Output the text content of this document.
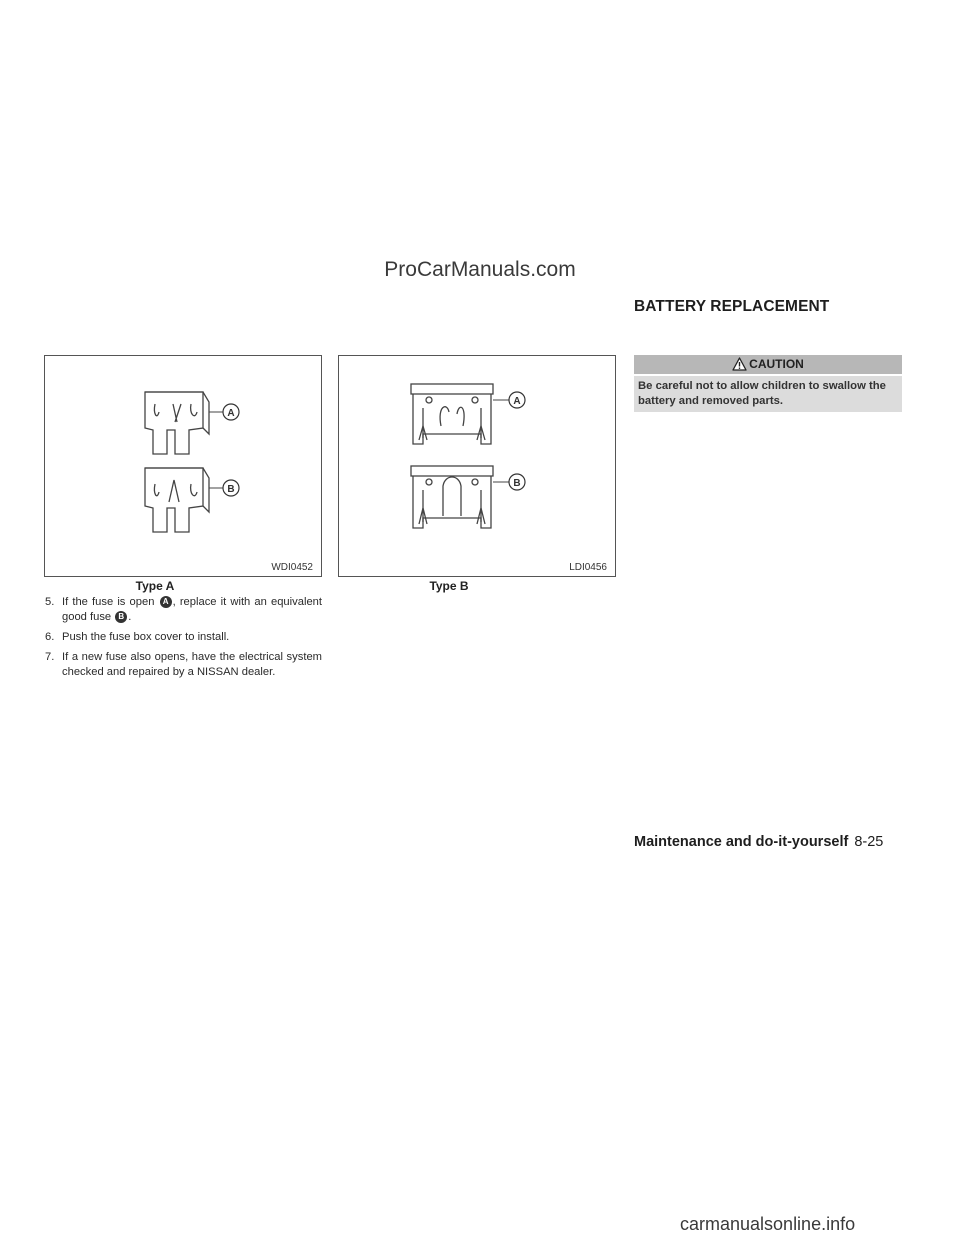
ProCarManuals.com
BATTERY REPLACEMENT
A
B
WDI0452
Type A
A
B
LDI0456
Type B
5. If the fuse is open A , replace it with an equivalent good fuse B .
6. Push the fuse box cover to install.
7. If a new fuse also opens, have the electrical system checked and repaired by a NISSAN dealer.
CAUTION
Be careful not to allow children to swallow the battery and removed parts.
Maintenance and do-it-yourself 8-25
carmanualsonline.info
